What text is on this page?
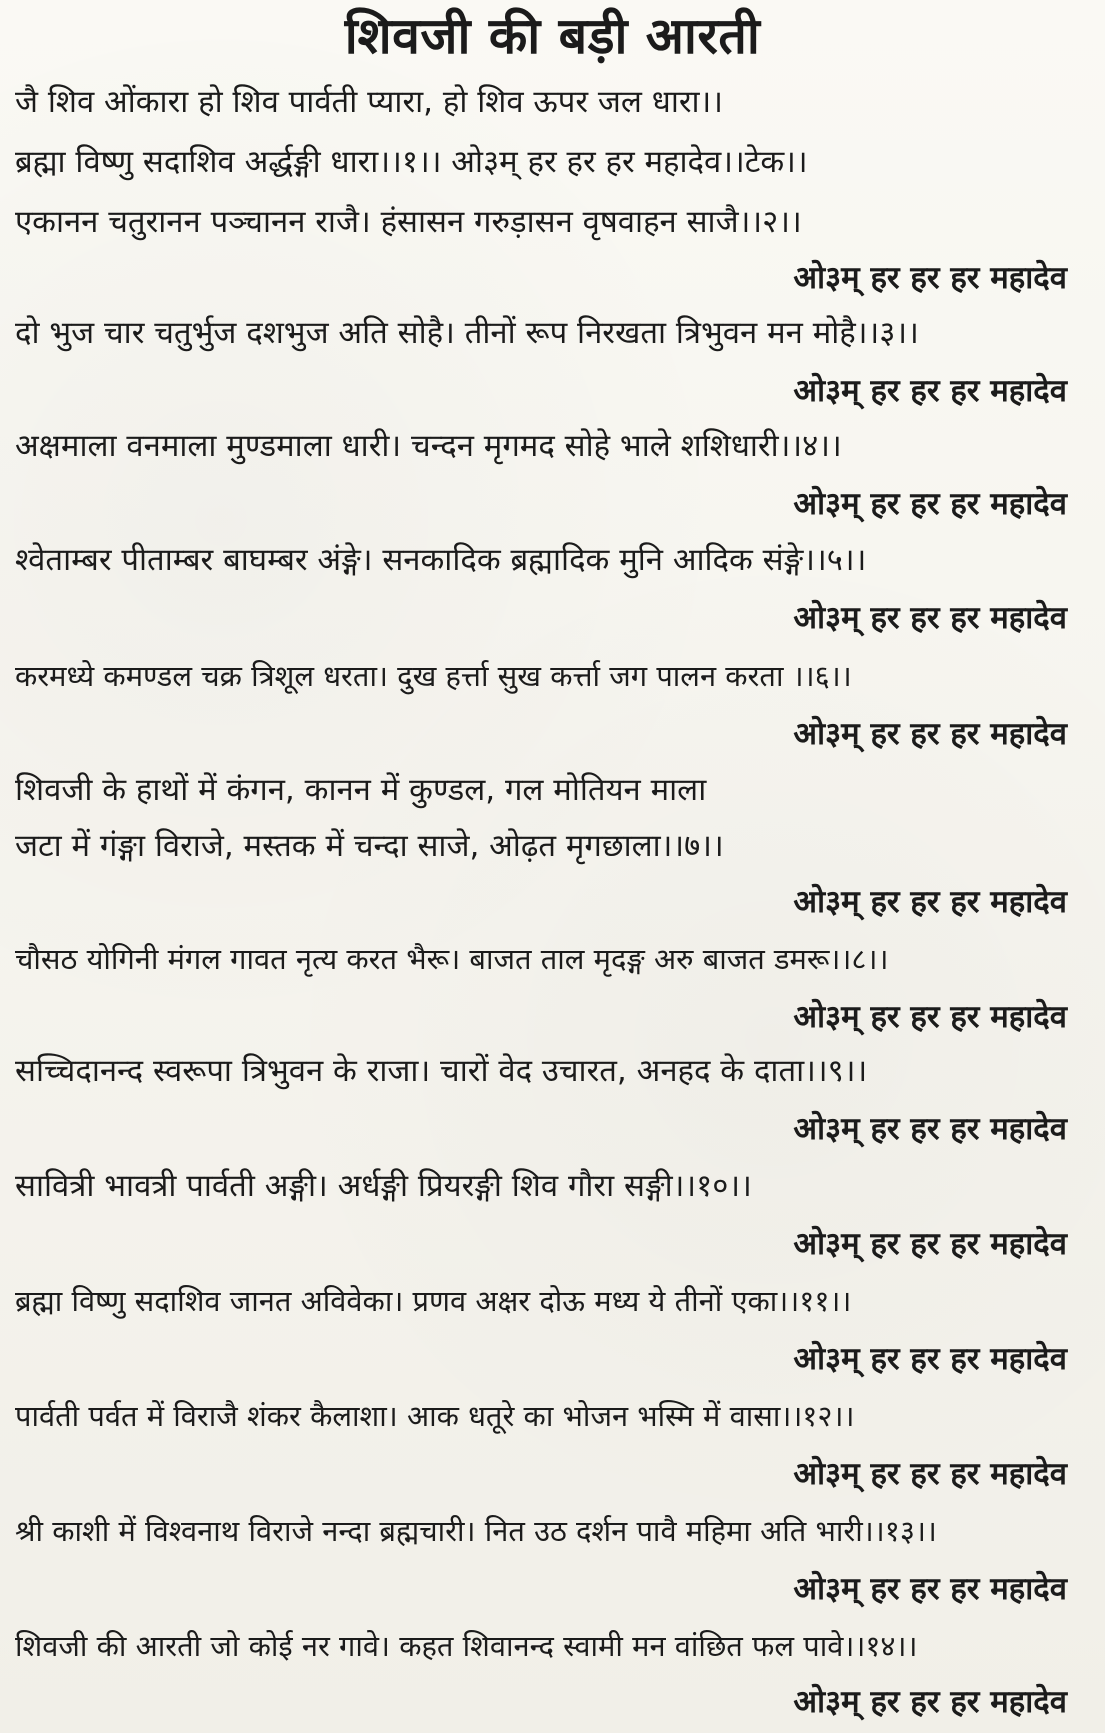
शिवजी की बड़ी आरती
जै शिव ओंकारा हो शिव पार्वती प्यारा, हो शिव ऊपर जल धारा।।
ब्रह्मा विष्णु सदाशिव अर्द्धङ्गी धारा।।१।। ओ३म् हर हर हर महादेव।।टेक।।
एकानन चतुरानन पञ्चानन राजै। हंसासन गरुड़ासन वृषवाहन साजै।।२।।
ओ३म् हर हर हर महादेव
दो भुज चार चतुर्भुज दशभुज अति सोहै। तीनों रूप निरखता त्रिभुवन मन मोहै।।३।।
ओ३म् हर हर हर महादेव
अक्षमाला वनमाला मुण्डमाला धारी। चन्दन मृगमद सोहे भाले शशिधारी।।४।।
ओ३म् हर हर हर महादेव
श्वेताम्बर पीताम्बर बाघम्बर अंङ्गे। सनकादिक ब्रह्मादिक मुनि आदिक संङ्गे।।५।।
ओ३म् हर हर हर महादेव
करमध्ये कमण्डल चक्र त्रिशूल धरता। दुख हर्त्ता सुख कर्त्ता जग पालन करता ।।६।।
ओ३म् हर हर हर महादेव
शिवजी के हाथों में कंगन, कानन में कुण्डल, गल मोतियन माला
जटा में गंङ्गा विराजे, मस्तक में चन्दा साजे, ओढ़त मृगछाला।।७।।
ओ३म् हर हर हर महादेव
चौसठ योगिनी मंगल गावत नृत्य करत भैरू। बाजत ताल मृदङ्ग अरु बाजत डमरू।।८।।
ओ३म् हर हर हर महादेव
सच्चिदानन्द स्वरूपा त्रिभुवन के राजा। चारों वेद उचारत, अनहद के दाता।।९।।
ओ३म् हर हर हर महादेव
सावित्री भावत्री पार्वती अङ्गी। अर्धङ्गी प्रियरङ्गी शिव गौरा सङ्गी।।१०।।
ओ३म् हर हर हर महादेव
ब्रह्मा विष्णु सदाशिव जानत अविवेका। प्रणव अक्षर दोऊ मध्य ये तीनों एका।।११।।
ओ३म् हर हर हर महादेव
पार्वती पर्वत में विराजै शंकर कैलाशा। आक धतूरे का भोजन भस्मि में वासा।।१२।।
ओ३म् हर हर हर महादेव
श्री काशी में विश्वनाथ विराजे नन्दा ब्रह्मचारी। नित उठ दर्शन पावै महिमा अति भारी।।१३।।
ओ३म् हर हर हर महादेव
शिवजी की आरती जो कोई नर गावे। कहत शिवानन्द स्वामी मन वांछित फल पावे।।१४।।
ओ३म् हर हर हर महादेव
